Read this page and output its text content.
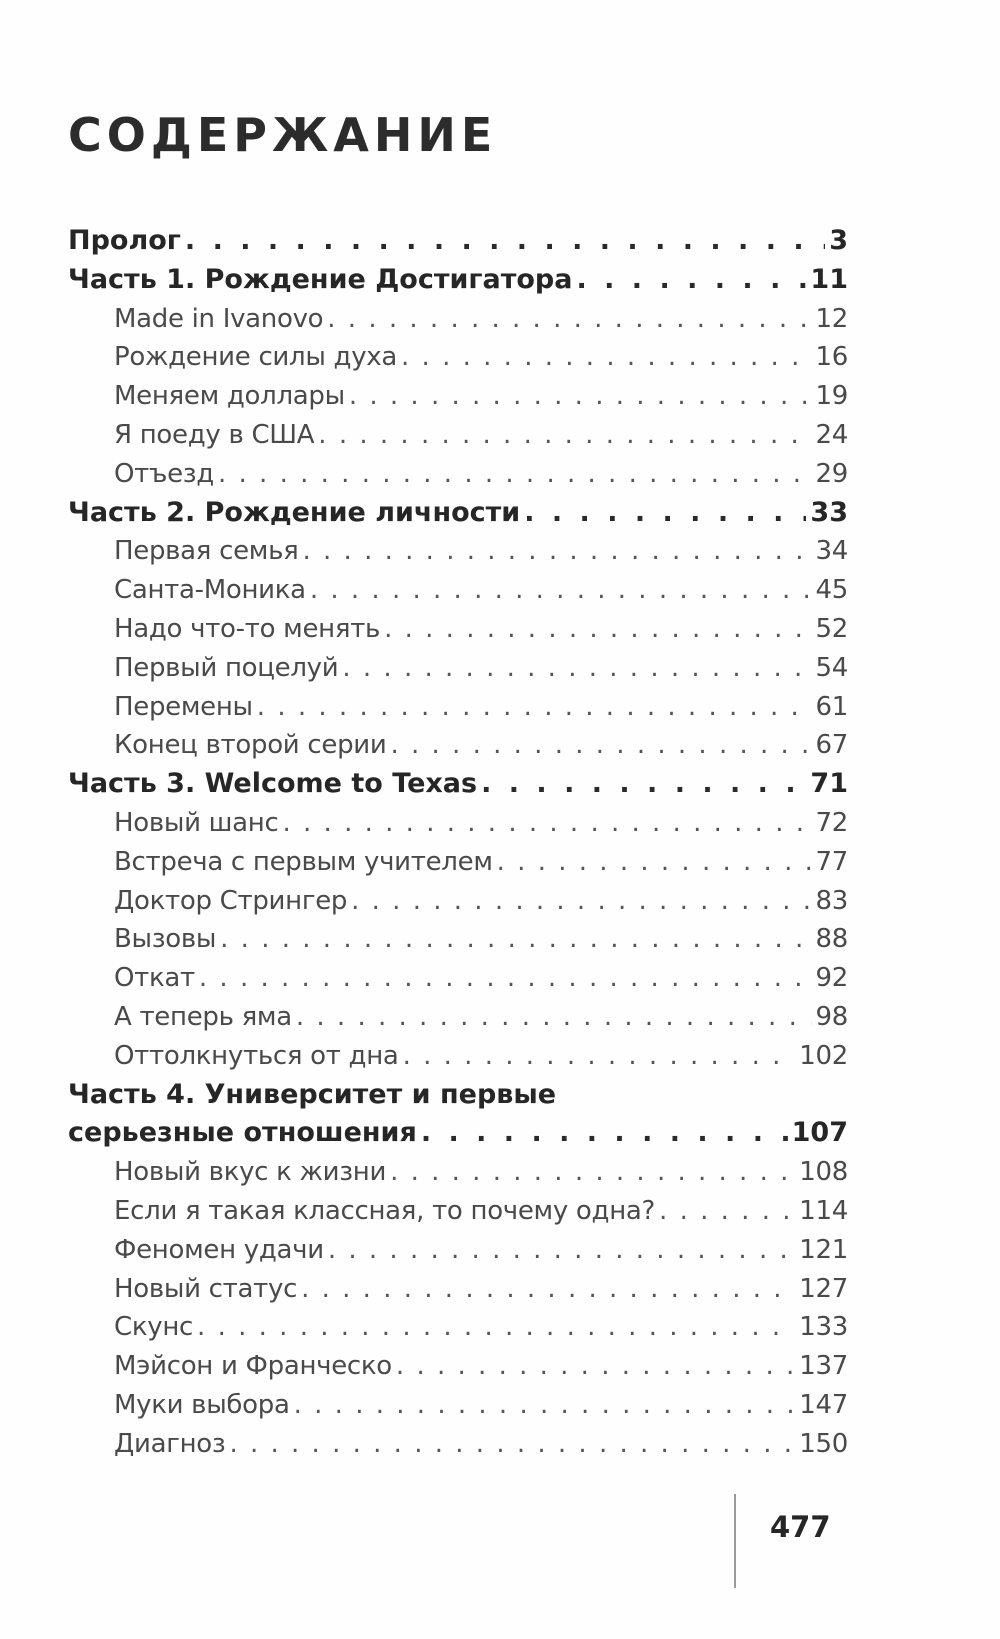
СОДЕРЖАНИЕ
Пролог . . .	3
Часть 1. Рождение Достигатора . . .	11
Made in Ivanovo . . .	12
Рождение силы духа . . .	16
Меняем доллары . . .	19
Я поеду в США . . .	24
Отъезд . . .	29
Часть 2. Рождение личности . . .	33
Первая семья . . .	34
Санта-Моника . . .	45
Надо что-то менять . . .	52
Первый поцелуй . . .	54
Перемены . . .	61
Конец второй серии . . .	67
Часть 3. Welcome to Texas . . .	71
Новый шанс . . .	72
Встреча с первым учителем . . .	77
Доктор Стрингер . . .	83
Вызовы . . .	88
Откат . . .	92
А теперь яма . . .	98
Оттолкнуться от дна . . .	102
Часть 4. Университет и первые
серьезные отношения . . .	107
Новый вкус к жизни . . .	108
Если я такая классная, то почему одна? . . .	114
Феномен удачи . . .	121
Новый статус . . .	127
Скунс . . .	133
Мэйсон и Франческо . . .	137
Муки выбора . . .	147
Диагноз . . .	150
477
